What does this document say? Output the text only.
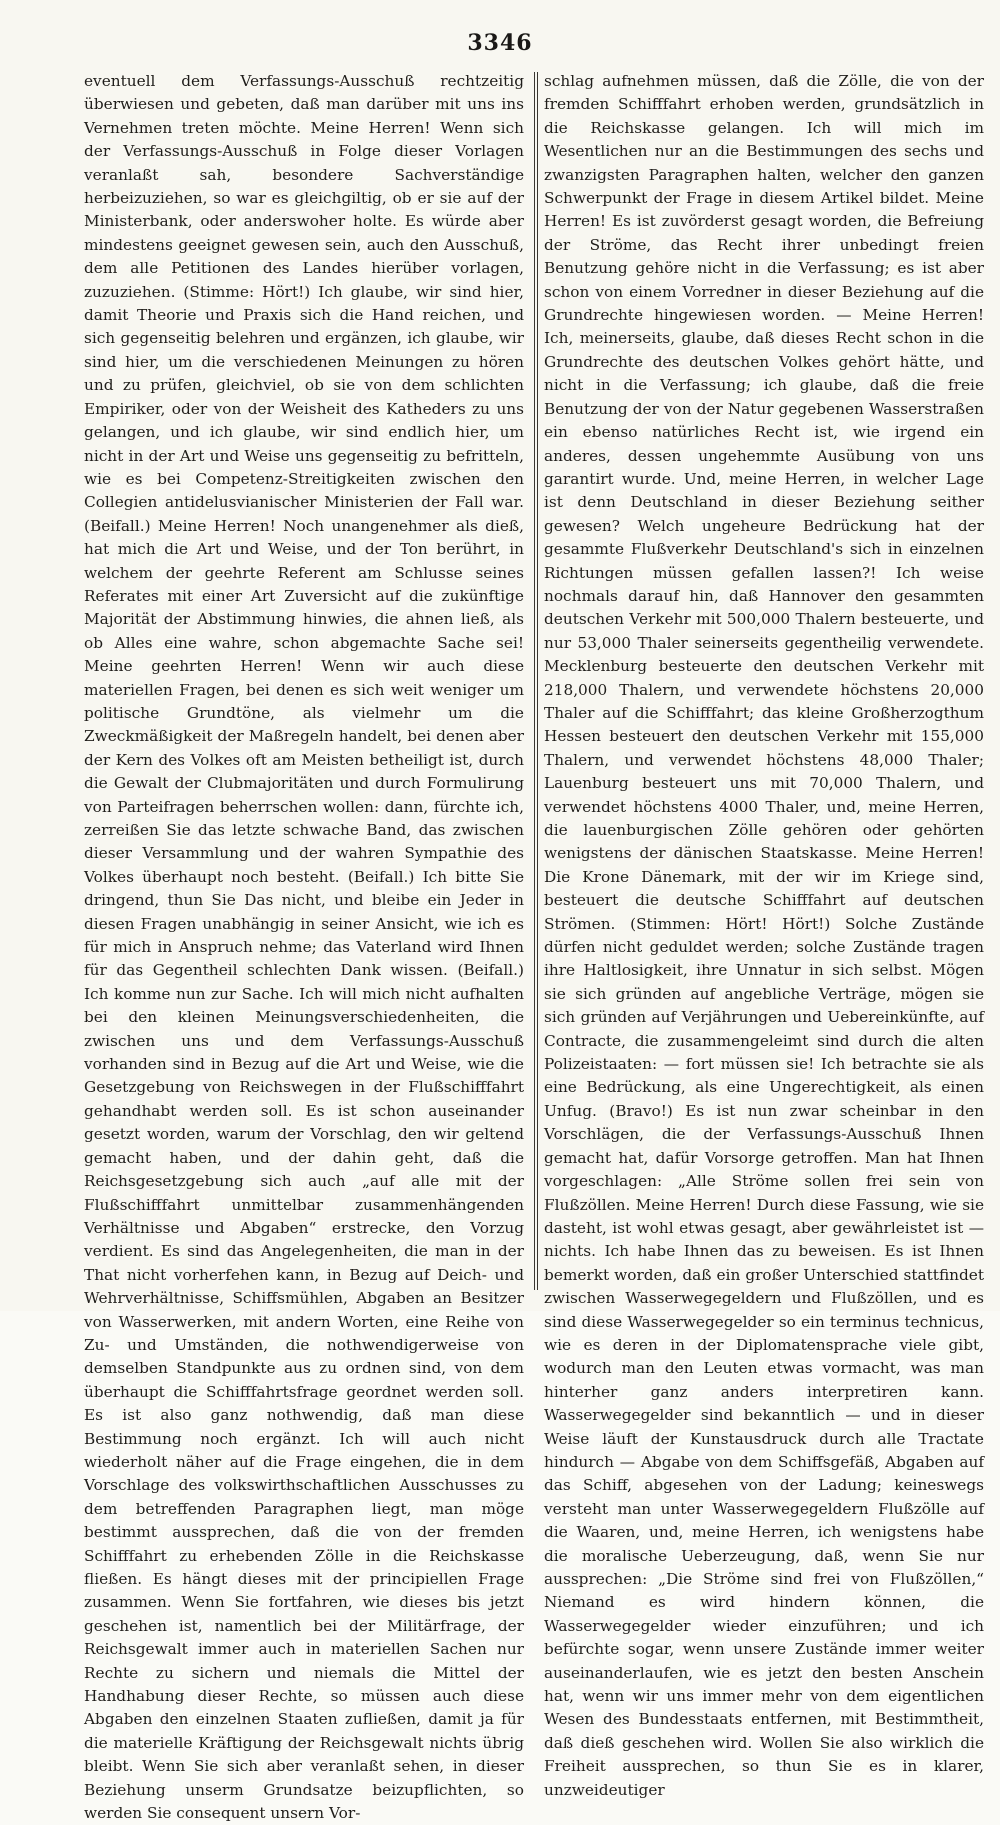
3346

eventuell dem Verfassungs-Ausschuß rechtzeitig überwiesen und gebeten, daß man darüber mit uns ins Vernehmen treten möchte. Meine Herren! Wenn sich der Verfassungs-Ausschuß in Folge dieser Vorlagen veranlaßt sah, besondere Sachverständige herbeizuziehen, so war es gleichgiltig, ob er sie auf der Ministerbank, oder anderswoher holte. Es würde aber mindestens geeignet gewesen sein, auch den Ausschuß, dem alle Petitionen des Landes hierüber vorlagen, zuzuziehen. (Stimme: Hört!) Ich glaube, wir sind hier, damit Theorie und Praxis sich die Hand reichen, und sich gegenseitig belehren und ergänzen, ich glaube, wir sind hier, um die verschiedenen Meinungen zu hören und zu prüfen, gleichviel, ob sie von dem schlichten Empiriker, oder von der Weisheit des Katheders zu uns gelangen, und ich glaube, wir sind endlich hier, um nicht in der Art und Weise uns gegenseitig zu befritteln, wie es bei Competenz-Streitigkeiten zwischen den Collegien antidelusvianischer Ministerien der Fall war. (Beifall.) Meine Herren! Noch unangenehmer als dieß, hat mich die Art und Weise, und der Ton berührt, in welchem der geehrte Referent am Schlusse seines Referates mit einer Art Zuversicht auf die zukünftige Majorität der Abstimmung hinwies, die ahnen ließ, als ob Alles eine wahre, schon abgemachte Sache sei! Meine geehrten Herren! Wenn wir auch diese materiellen Fragen, bei denen es sich weit weniger um politische Grundtöne, als vielmehr um die Zweckmäßigkeit der Maßregeln handelt, bei denen aber der Kern des Volkes oft am Meisten betheiligt ist, durch die Gewalt der Clubmajoritäten und durch Formulirung von Parteifragen beherrschen wollen: dann, fürchte ich, zerreißen Sie das letzte schwache Band, das zwischen dieser Versammlung und der wahren Sympathie des Volkes überhaupt noch besteht. (Beifall.) Ich bitte Sie dringend, thun Sie Das nicht, und bleibe ein Jeder in diesen Fragen unabhängig in seiner Ansicht, wie ich es für mich in Anspruch nehme; das Vaterland wird Ihnen für das Gegentheil schlechten Dank wissen. (Beifall.) Ich komme nun zur Sache. Ich will mich nicht aufhalten bei den kleinen Meinungsverschiedenheiten, die zwischen uns und dem Verfassungs-Ausschuß vorhanden sind in Bezug auf die Art und Weise, wie die Gesetzgebung von Reichswegen in der Flußschifffahrt gehandhabt werden soll. Es ist schon auseinander gesetzt worden, warum der Vorschlag, den wir geltend gemacht haben, und der dahin geht, daß die Reichsgesetzgebung sich auch „auf alle mit der Flußschifffahrt unmittelbar zusammenhängenden Verhältnisse und Abgaben“ erstrecke, den Vorzug verdient. Es sind das Angelegenheiten, die man in der That nicht vorherfehen kann, in Bezug auf Deich- und Wehrverhältnisse, Schiffsmühlen, Abgaben an Besitzer von Wasserwerken, mit andern Worten, eine Reihe von Zu- und Umständen, die nothwendigerweise von demselben Standpunkte aus zu ordnen sind, von dem überhaupt die Schifffahrtsfrage geordnet werden soll. Es ist also ganz nothwendig, daß man diese Bestimmung noch ergänzt. Ich will auch nicht wiederholt näher auf die Frage eingehen, die in dem Vorschlage des volkswirthschaftlichen Ausschusses zu dem betreffenden Paragraphen liegt, man möge bestimmt aussprechen, daß die von der fremden Schifffahrt zu erhebenden Zölle in die Reichskasse fließen. Es hängt dieses mit der principiellen Frage zusammen. Wenn Sie fortfahren, wie dieses bis jetzt geschehen ist, namentlich bei der Militärfrage, der Reichsgewalt immer auch in materiellen Sachen nur Rechte zu sichern und niemals die Mittel der Handhabung dieser Rechte, so müssen auch diese Abgaben den einzelnen Staaten zufließen, damit ja für die materielle Kräftigung der Reichsgewalt nichts übrig bleibt. Wenn Sie sich aber veranlaßt sehen, in dieser Beziehung unserm Grundsatze beizupflichten, so werden Sie consequent unsern Vor-

schlag aufnehmen müssen, daß die Zölle, die von der fremden Schifffahrt erhoben werden, grundsätzlich in die Reichskasse gelangen. Ich will mich im Wesentlichen nur an die Bestimmungen des sechs und zwanzigsten Paragraphen halten, welcher den ganzen Schwerpunkt der Frage in diesem Artikel bildet. Meine Herren! Es ist zuvörderst gesagt worden, die Befreiung der Ströme, das Recht ihrer unbedingt freien Benutzung gehöre nicht in die Verfassung; es ist aber schon von einem Vorredner in dieser Beziehung auf die Grundrechte hingewiesen worden. — Meine Herren! Ich, meinerseits, glaube, daß dieses Recht schon in die Grundrechte des deutschen Volkes gehört hätte, und nicht in die Verfassung; ich glaube, daß die freie Benutzung der von der Natur gegebenen Wasserstraßen ein ebenso natürliches Recht ist, wie irgend ein anderes, dessen ungehemmte Ausübung von uns garantirt wurde. Und, meine Herren, in welcher Lage ist denn Deutschland in dieser Beziehung seither gewesen? Welch ungeheure Bedrückung hat der gesammte Flußverkehr Deutschland's sich in einzelnen Richtungen müssen gefallen lassen?! Ich weise nochmals darauf hin, daß Hannover den gesammten deutschen Verkehr mit 500,000 Thalern besteuerte, und nur 53,000 Thaler seinerseits gegentheilig verwendete. Mecklenburg besteuerte den deutschen Verkehr mit 218,000 Thalern, und verwendete höchstens 20,000 Thaler auf die Schifffahrt; das kleine Großherzogthum Hessen besteuert den deutschen Verkehr mit 155,000 Thalern, und verwendet höchstens 48,000 Thaler; Lauenburg besteuert uns mit 70,000 Thalern, und verwendet höchstens 4000 Thaler, und, meine Herren, die lauenburgischen Zölle gehören oder gehörten wenigstens der dänischen Staatskasse. Meine Herren! Die Krone Dänemark, mit der wir im Kriege sind, besteuert die deutsche Schifffahrt auf deutschen Strömen. (Stimmen: Hört! Hört!) Solche Zustände dürfen nicht geduldet werden; solche Zustände tragen ihre Haltlosigkeit, ihre Unnatur in sich selbst. Mögen sie sich gründen auf angebliche Verträge, mögen sie sich gründen auf Verjährungen und Uebereinkünfte, auf Contracte, die zusammengeleimt sind durch die alten Polizeistaaten: — fort müssen sie! Ich betrachte sie als eine Bedrückung, als eine Ungerechtigkeit, als einen Unfug. (Bravo!) Es ist nun zwar scheinbar in den Vorschlägen, die der Verfassungs-Ausschuß Ihnen gemacht hat, dafür Vorsorge getroffen. Man hat Ihnen vorgeschlagen: „Alle Ströme sollen frei sein von Flußzöllen. Meine Herren! Durch diese Fassung, wie sie dasteht, ist wohl etwas gesagt, aber gewährleistet ist — nichts. Ich habe Ihnen das zu beweisen. Es ist Ihnen bemerkt worden, daß ein großer Unterschied stattfindet zwischen Wasserwegegeldern und Flußzöllen, und es sind diese Wasserwegegelder so ein terminus technicus, wie es deren in der Diplomatensprache viele gibt, wodurch man den Leuten etwas vormacht, was man hinterher ganz anders interpretiren kann. Wasserwegegelder sind bekanntlich — und in dieser Weise läuft der Kunstausdruck durch alle Tractate hindurch — Abgabe von dem Schiffsgefäß, Abgaben auf das Schiff, abgesehen von der Ladung; keineswegs versteht man unter Wasserwegegeldern Flußzölle auf die Waaren, und, meine Herren, ich wenigstens habe die moralische Ueberzeugung, daß, wenn Sie nur aussprechen: „Die Ströme sind frei von Flußzöllen,“ Niemand es wird hindern können, die Wasserwegegelder wieder einzuführen; und ich befürchte sogar, wenn unsere Zustände immer weiter auseinanderlaufen, wie es jetzt den besten Anschein hat, wenn wir uns immer mehr von dem eigentlichen Wesen des Bundesstaats entfernen, mit Bestimmtheit, daß dieß geschehen wird. Wollen Sie also wirklich die Freiheit aussprechen, so thun Sie es in klarer, unzweideutiger
